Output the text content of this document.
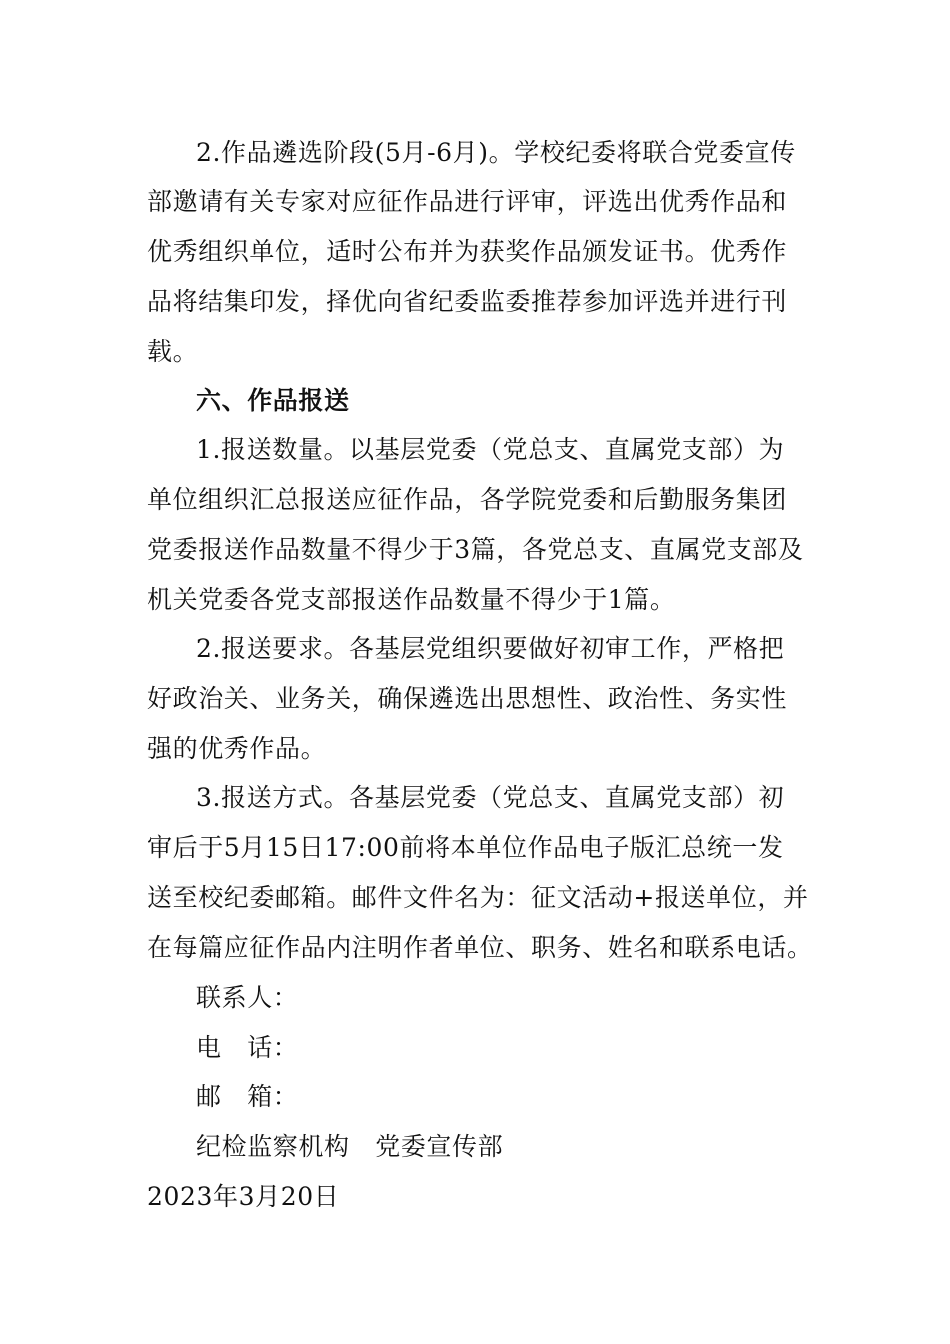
2.作品遴选阶段(5月-6月)。学校纪委将联合党委宣传
部邀请有关专家对应征作品进行评审，评选出优秀作品和
优秀组织单位，适时公布并为获奖作品颁发证书。优秀作
品将结集印发，择优向省纪委监委推荐参加评选并进行刊
载。
六、作品报送
1.报送数量。以基层党委（党总支、直属党支部）为
单位组织汇总报送应征作品，各学院党委和后勤服务集团
党委报送作品数量不得少于3篇，各党总支、直属党支部及
机关党委各党支部报送作品数量不得少于1篇。
2.报送要求。各基层党组织要做好初审工作，严格把
好政治关、业务关，确保遴选出思想性、政治性、务实性
强的优秀作品。
3.报送方式。各基层党委（党总支、直属党支部）初
审后于5月15日17:00前将本单位作品电子版汇总统一发
送至校纪委邮箱。邮件文件名为：征文活动+报送单位，并
在每篇应征作品内注明作者单位、职务、姓名和联系电话。
联系人：
电　话：
邮　箱：
纪检监察机构　党委宣传部
2023年3月20日
